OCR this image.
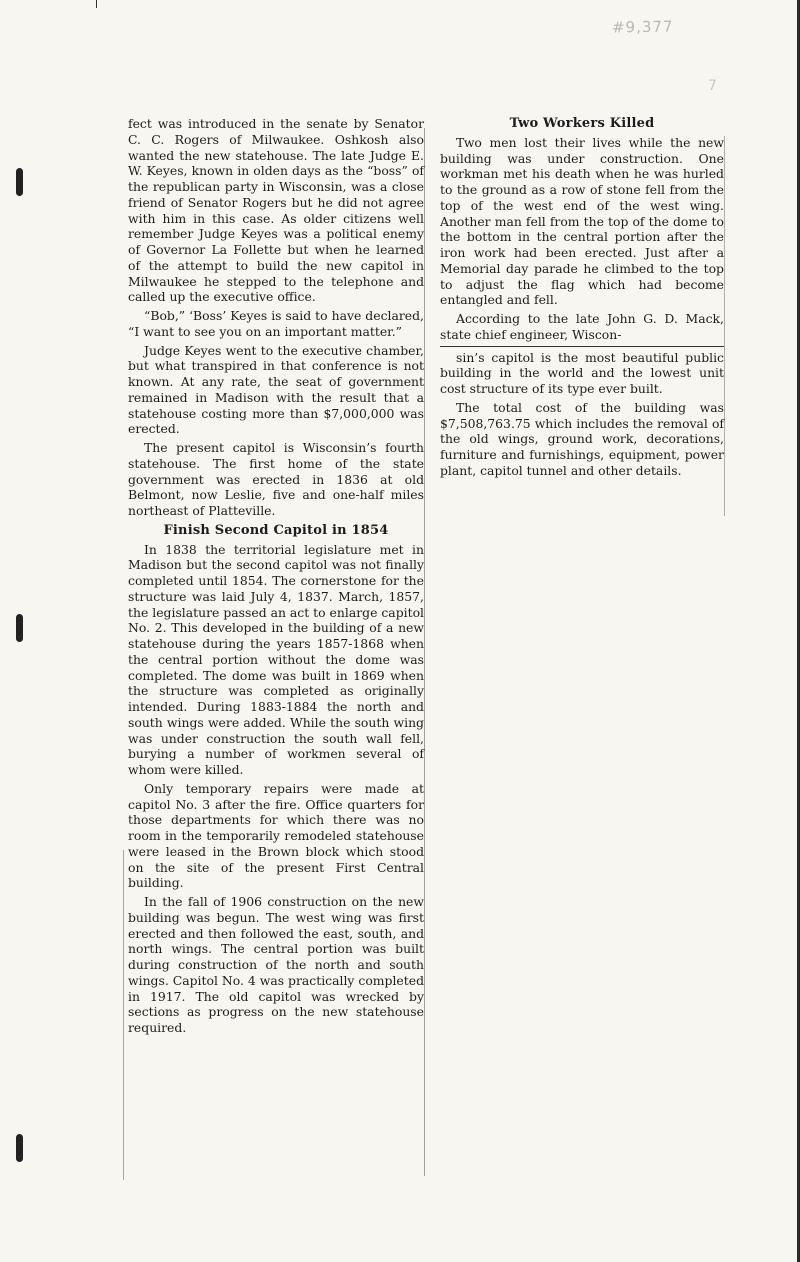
#9,377
7

fect was introduced in the senate by Senator C. C. Rogers of Milwaukee. Oshkosh also wanted the new statehouse. The late Judge E. W. Keyes, known in olden days as the “boss” of the republican party in Wisconsin, was a close friend of Senator Rogers but he did not agree with him in this case. As older citizens well remember Judge Keyes was a political enemy of Governor La Follette but when he learned of the attempt to build the new capitol in Milwaukee he stepped to the telephone and called up the executive office.

“Bob,” ‘Boss’ Keyes is said to have declared, “I want to see you on an important matter.”

Judge Keyes went to the executive chamber, but what transpired in that conference is not known. At any rate, the seat of government remained in Madison with the result that a statehouse costing more than $7,000,000 was erected.

The present capitol is Wisconsin’s fourth statehouse. The first home of the state government was erected in 1836 at old Belmont, now Leslie, five and one-half miles northeast of Platteville.

Finish Second Capitol in 1854

In 1838 the territorial legislature met in Madison but the second capitol was not finally completed until 1854. The cornerstone for the structure was laid July 4, 1837. March, 1857, the legislature passed an act to enlarge capitol No. 2. This developed in the building of a new statehouse during the years 1857-1868 when the central portion without the dome was completed. The dome was built in 1869 when the structure was completed as originally intended. During 1883-1884 the north and south wings were added. While the south wing was under construction the south wall fell, burying a number of workmen several of whom were killed.

Only temporary repairs were made at capitol No. 3 after the fire. Office quarters for those departments for which there was no room in the temporarily remodeled statehouse were leased in the Brown block which stood on the site of the present First Central building.

In the fall of 1906 construction on the new building was begun. The west wing was first erected and then followed the east, south, and north wings. The central portion was built during construction of the north and south wings. Capitol No. 4 was practically completed in 1917. The old capitol was wrecked by sections as progress on the new statehouse required.

Two Workers Killed

Two men lost their lives while the new building was under construction. One workman met his death when he was hurled to the ground as a row of stone fell from the top of the west end of the west wing. Another man fell from the top of the dome to the bottom in the central portion after the iron work had been erected. Just after a Memorial day parade he climbed to the top to adjust the flag which had become entangled and fell.

According to the late John G. D. Mack, state chief engineer, Wiscon-

sin’s capitol is the most beautiful public building in the world and the lowest unit cost structure of its type ever built.

The total cost of the building was $7,508,763.75 which includes the removal of the old wings, ground work, decorations, furniture and furnishings, equipment, power plant, capitol tunnel and other details.
